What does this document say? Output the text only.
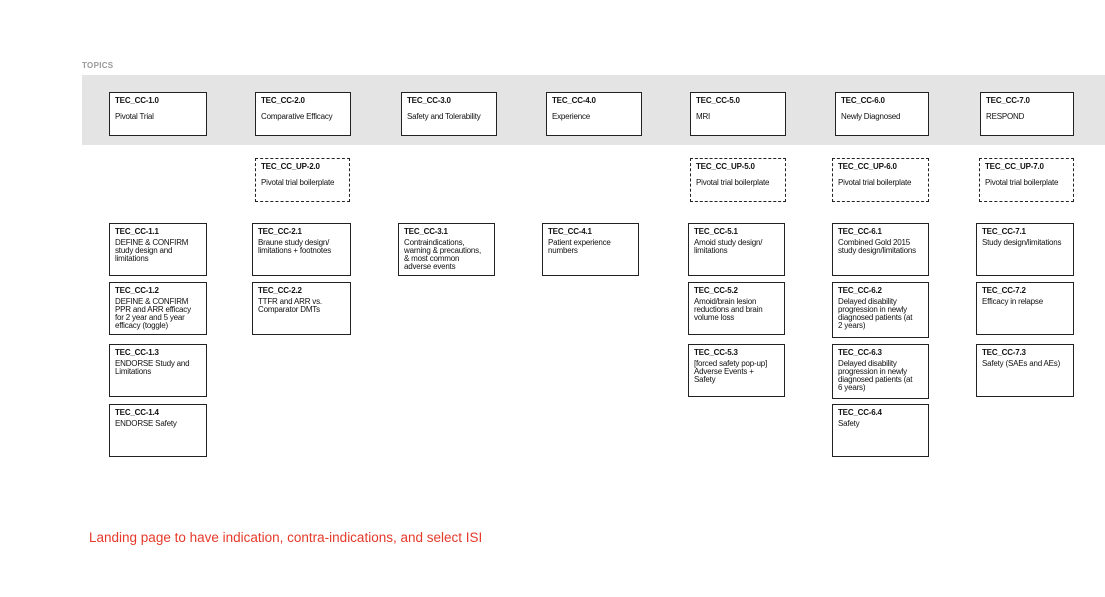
TOPICS
TEC_CC-1.0
Pivotal Trial
TEC_CC-2.0
Comparative Efficacy
TEC_CC-3.0
Safety and Tolerability
TEC_CC-4.0
Experience
TEC_CC-5.0
MRI
TEC_CC-6.0
Newly Diagnosed
TEC_CC-7.0
RESPOND
TEC_CC_UP-2.0
Pivotal trial boilerplate
TEC_CC_UP-5.0
Pivotal trial boilerplate
TEC_CC_UP-6.0
Pivotal trial boilerplate
TEC_CC_UP-7.0
Pivotal trial boilerplate
TEC_CC-1.1
DEFINE & CONFIRM
study design and
limitations
TEC_CC-1.2
DEFINE & CONFIRM
PPR and ARR efficacy
for 2 year and 5 year
efficacy (toggle)
TEC_CC-1.3
ENDORSE Study and
Limitations
TEC_CC-1.4
ENDORSE Safety
TEC_CC-2.1
Braune study design/
limitations + footnotes
TEC_CC-2.2
TTFR and ARR vs.
Comparator DMTs
TEC_CC-3.1
Contraindications,
warning & precautions,
& most common
adverse events
TEC_CC-4.1
Patient experience
numbers
TEC_CC-5.1
Amoid study design/
limitations
TEC_CC-5.2
Amoid/brain lesion
reductions and brain
volume loss
TEC_CC-5.3
[forced safety pop-up]
Adverse Events +
Safety
TEC_CC-6.1
Combined Gold 2015
study design/limitations
TEC_CC-6.2
Delayed disability
progression in newly
diagnosed patients (at
2 years)
TEC_CC-6.3
Delayed disability
progression in newly
diagnosed patients (at
6 years)
TEC_CC-6.4
Safety
TEC_CC-7.1
Study design/limitations
TEC_CC-7.2
Efficacy in relapse
TEC_CC-7.3
Safety (SAEs and AEs)
Landing page to have indication, contra-indications, and select ISI
